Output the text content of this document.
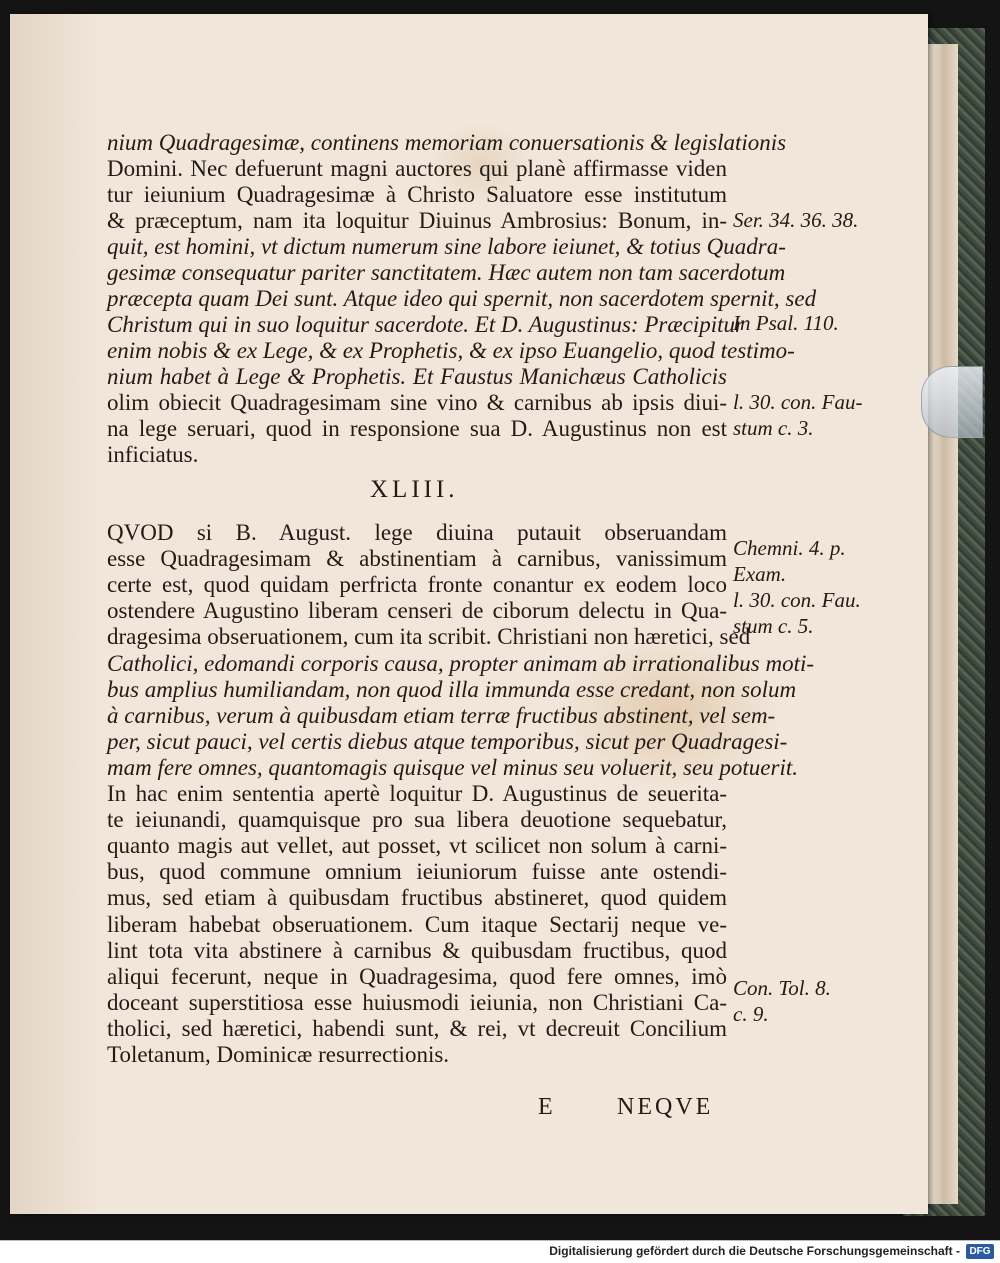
nium Quadragesimæ, continens memoriam conuersationis & legislationis
Domini. Nec defuerunt magni auctores qui planè affirmasse viden
tur ieiunium Quadragesimæ à Christo Saluatore esse institutum
& præceptum, nam ita loquitur Diuinus Ambrosius: Bonum, in-
quit, est homini, vt dictum numerum sine labore ieiunet, & totius Quadra-
gesimæ consequatur pariter sanctitatem. Hæc autem non tam sacerdotum
præcepta quam Dei sunt. Atque ideo qui spernit, non sacerdotem spernit, sed
Christum qui in suo loquitur sacerdote. Et D. Augustinus: Præcipitur
enim nobis & ex Lege, & ex Prophetis, & ex ipso Euangelio, quod testimo-
nium habet à Lege & Prophetis. Et Faustus Manichæus Catholicis
olim obiecit Quadragesimam sine vino & carnibus ab ipsis diui-
na lege seruari, quod in responsione sua D. Augustinus non est
inficiatus.
XLIII.
QVOD si B. August. lege diuina putauit obseruandam
esse Quadragesimam & abstinentiam à carnibus, vanissimum
certe est, quod quidam perfricta fronte conantur ex eodem loco
ostendere Augustino liberam censeri de ciborum delectu in Qua-
dragesima obseruationem, cum ita scribit. Christiani non hæretici, sed
Catholici, edomandi corporis causa, propter animam ab irrationalibus moti-
bus amplius humiliandam, non quod illa immunda esse credant, non solum
à carnibus, verum à quibusdam etiam terræ fructibus abstinent, vel sem-
per, sicut pauci, vel certis diebus atque temporibus, sicut per Quadragesi-
mam fere omnes, quantomagis quisque vel minus seu voluerit, seu potuerit.
In hac enim sententia apertè loquitur D. Augustinus de seuerita-
te ieiunandi, quamquisque pro sua libera deuotione sequebatur,
quanto magis aut vellet, aut posset, vt scilicet non solum à carni-
bus, quod commune omnium ieiuniorum fuisse ante ostendi-
mus, sed etiam à quibusdam fructibus abstineret, quod quidem
liberam habebat obseruationem. Cum itaque Sectarij neque ve-
lint tota vita abstinere à carnibus & quibusdam fructibus, quod
aliqui fecerunt, neque in Quadragesima, quod fere omnes, imò
doceant superstitiosa esse huiusmodi ieiunia, non Christiani Ca-
tholici, sed hæretici, habendi sunt, & rei, vt decreuit Concilium
Toletanum, Dominicæ resurrectionis.
Ser. 34. 36. 38.
In Psal. 110.
l. 30. con. Fau-
stum c. 3.
Chemni. 4. p.
Exam.
l. 30. con. Fau.
stum c. 5.
Con. Tol. 8.
c. 9.
E	NEQVE
Digitalisierung gefördert durch die Deutsche Forschungsgemeinschaft - DFG
